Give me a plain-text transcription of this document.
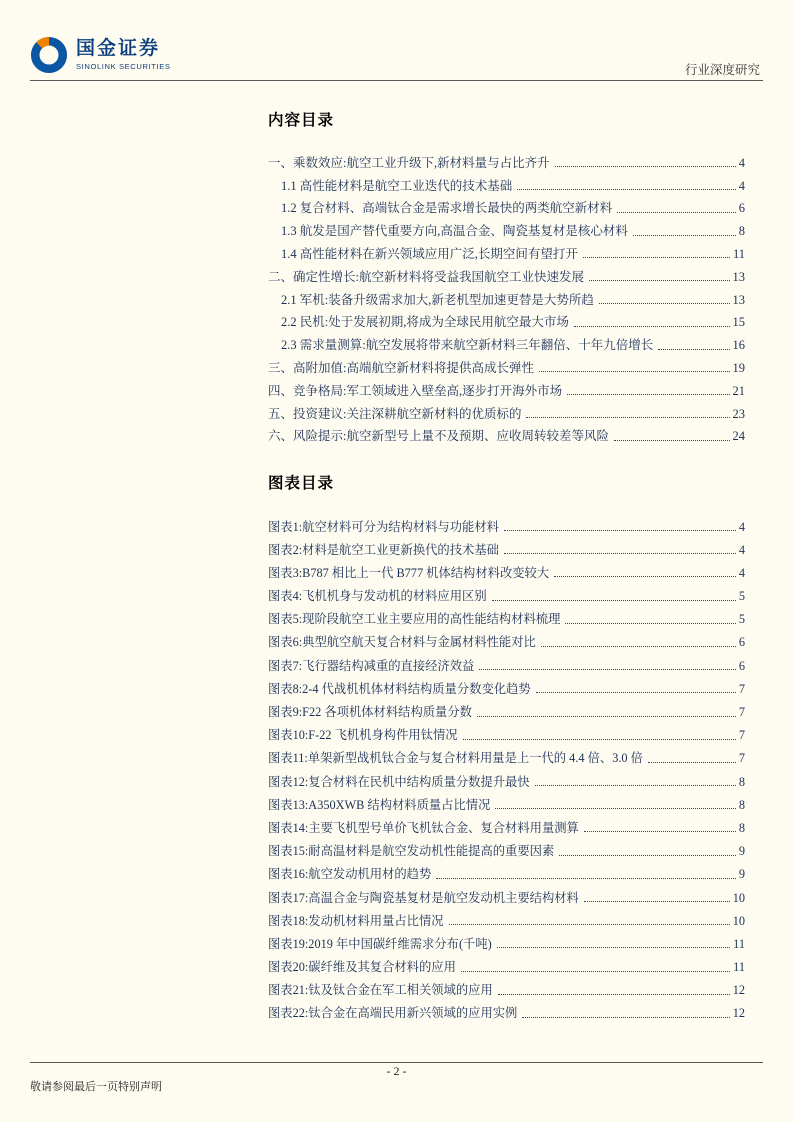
国金证券
SINOLINK SECURITIES	行业深度研究
内容目录
一、乘数效应:航空工业升级下,新材料量与占比齐升	4
1.1 高性能材料是航空工业迭代的技术基础	4
1.2 复合材料、高端钛合金是需求增长最快的两类航空新材料	6
1.3 航发是国产替代重要方向,高温合金、陶瓷基复材是核心材料	8
1.4 高性能材料在新兴领域应用广泛,长期空间有望打开	11
二、确定性增长:航空新材料将受益我国航空工业快速发展	13
2.1 军机:装备升级需求加大,新老机型加速更替是大势所趋	13
2.2 民机:处于发展初期,将成为全球民用航空最大市场	15
2.3 需求量测算:航空发展将带来航空新材料三年翻倍、十年九倍增长	16
三、高附加值:高端航空新材料将提供高成长弹性	19
四、竞争格局:军工领域进入壁垒高,逐步打开海外市场	21
五、投资建议:关注深耕航空新材料的优质标的	23
六、风险提示:航空新型号上量不及预期、应收周转较差等风险	24
图表目录
图表1:航空材料可分为结构材料与功能材料	4
图表2:材料是航空工业更新换代的技术基础	4
图表3:B787 相比上一代 B777 机体结构材料改变较大	4
图表4:飞机机身与发动机的材料应用区别	5
图表5:现阶段航空工业主要应用的高性能结构材料梳理	5
图表6:典型航空航天复合材料与金属材料性能对比	6
图表7:飞行器结构减重的直接经济效益	6
图表8:2-4 代战机机体材料结构质量分数变化趋势	7
图表9:F22 各项机体材料结构质量分数	7
图表10:F-22 飞机机身构件用钛情况	7
图表11:单架新型战机钛合金与复合材料用量是上一代的 4.4 倍、3.0 倍	7
图表12:复合材料在民机中结构质量分数提升最快	8
图表13:A350XWB 结构材料质量占比情况	8
图表14:主要飞机型号单价飞机钛合金、复合材料用量测算	8
图表15:耐高温材料是航空发动机性能提高的重要因素	9
图表16:航空发动机用材的趋势	9
图表17:高温合金与陶瓷基复材是航空发动机主要结构材料	10
图表18:发动机材料用量占比情况	10
图表19:2019 年中国碳纤维需求分布(千吨)	11
图表20:碳纤维及其复合材料的应用	11
图表21:钛及钛合金在军工相关领域的应用	12
图表22:钛合金在高端民用新兴领域的应用实例	12
- 2 -
敬请参阅最后一页特别声明
